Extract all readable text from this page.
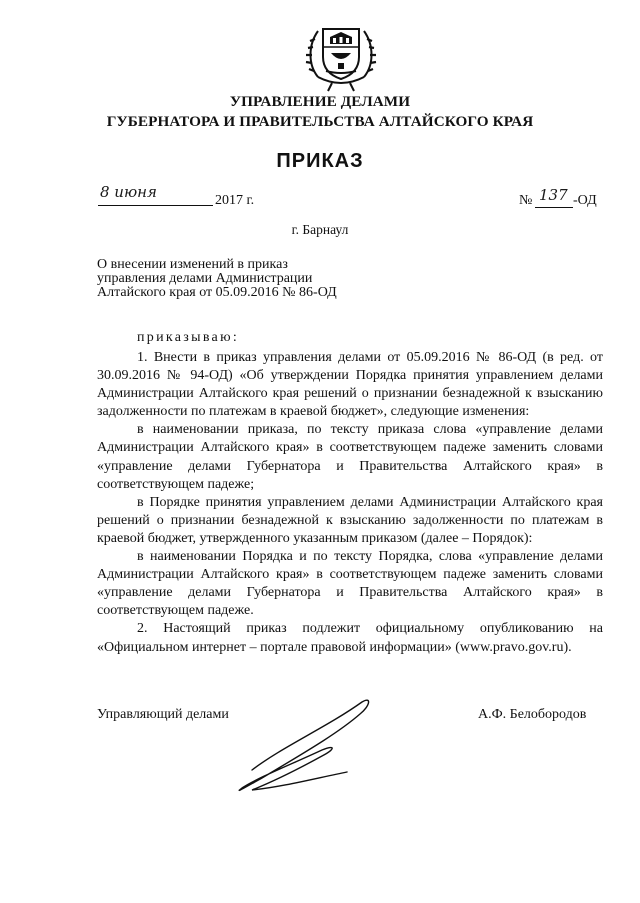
УПРАВЛЕНИЕ ДЕЛАМИ
ГУБЕРНАТОРА И ПРАВИТЕЛЬСТВА АЛТАЙСКОГО КРАЯ
ПРИКАЗ
8 июня	2017 г.	№ 137 -ОД
г. Барнаул
О внесении изменений в приказ
управления делами Администрации
Алтайского края от 05.09.2016 № 86-ОД
приказываю:

1. Внести в приказ управления делами от 05.09.2016 № 86-ОД (в ред. от 30.09.2016 № 94-ОД) «Об утверждении Порядка принятия управлением делами Администрации Алтайского края решений о признании безнадежной к взысканию задолженности по платежам в краевой бюджет», следующие изменения:

в наименовании приказа, по тексту приказа слова «управление делами Администрации Алтайского края» в соответствующем падеже заменить словами «управление делами Губернатора и Правительства Алтайского края» в соответствующем падеже;

в Порядке принятия управлением делами Администрации Алтайского края решений о признании безнадежной к взысканию задолженности по платежам в краевой бюджет, утвержденного указанным приказом (далее – Порядок):

в наименовании Порядка и по тексту Порядка, слова «управление делами Администрации Алтайского края» в соответствующем падеже заменить словами «управление делами Губернатора и Правительства Алтайского края» в соответствующем падеже.

2. Настоящий приказ подлежит официальному опубликованию на «Официальном интернет – портале правовой информации» (www.pravo.gov.ru).

Управляющий делами	А.Ф. Белобородов
